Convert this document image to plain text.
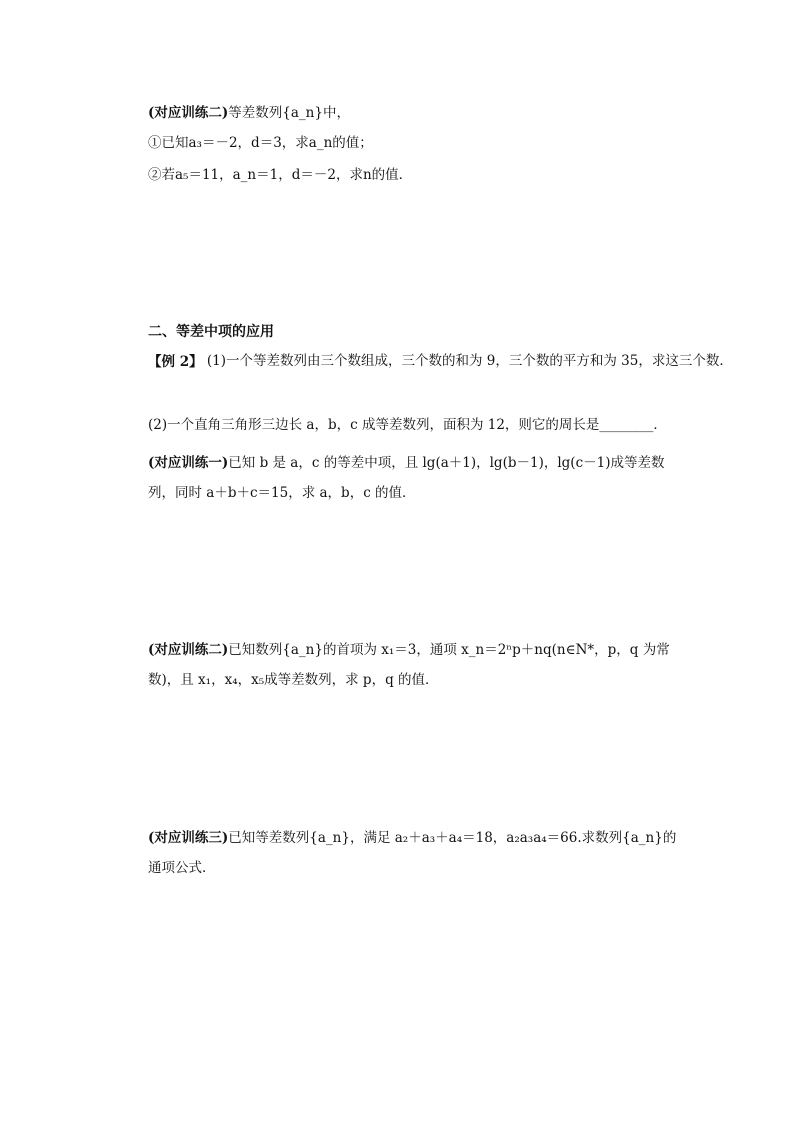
(对应训练二)等差数列{a_n}中，
①已知a₃＝－2，d＝3，求a_n的值；
②若a₅＝11，a_n＝1，d＝－2，求n的值．
二、等差中项的应用
【例 2】 (1)一个等差数列由三个数组成，三个数的和为 9，三个数的平方和为 35，求这三个数．
(2)一个直角三角形三边长 a，b，c 成等差数列，面积为 12，则它的周长是________．
(对应训练一)已知 b 是 a，c 的等差中项，且 lg(a＋1)，lg(b－1)，lg(c－1)成等差数列，同时 a＋b＋c＝15，求 a，b，c 的值．
(对应训练二)已知数列{a_n}的首项为 x₁＝3，通项 x_n＝2ⁿp＋nq(n∈N*，p，q 为常数)，且 x₁，x₄，x₅成等差数列，求 p，q 的值．
(对应训练三)已知等差数列{a_n}，满足 a₂＋a₃＋a₄＝18，a₂a₃a₄＝66.求数列{a_n}的通项公式．
